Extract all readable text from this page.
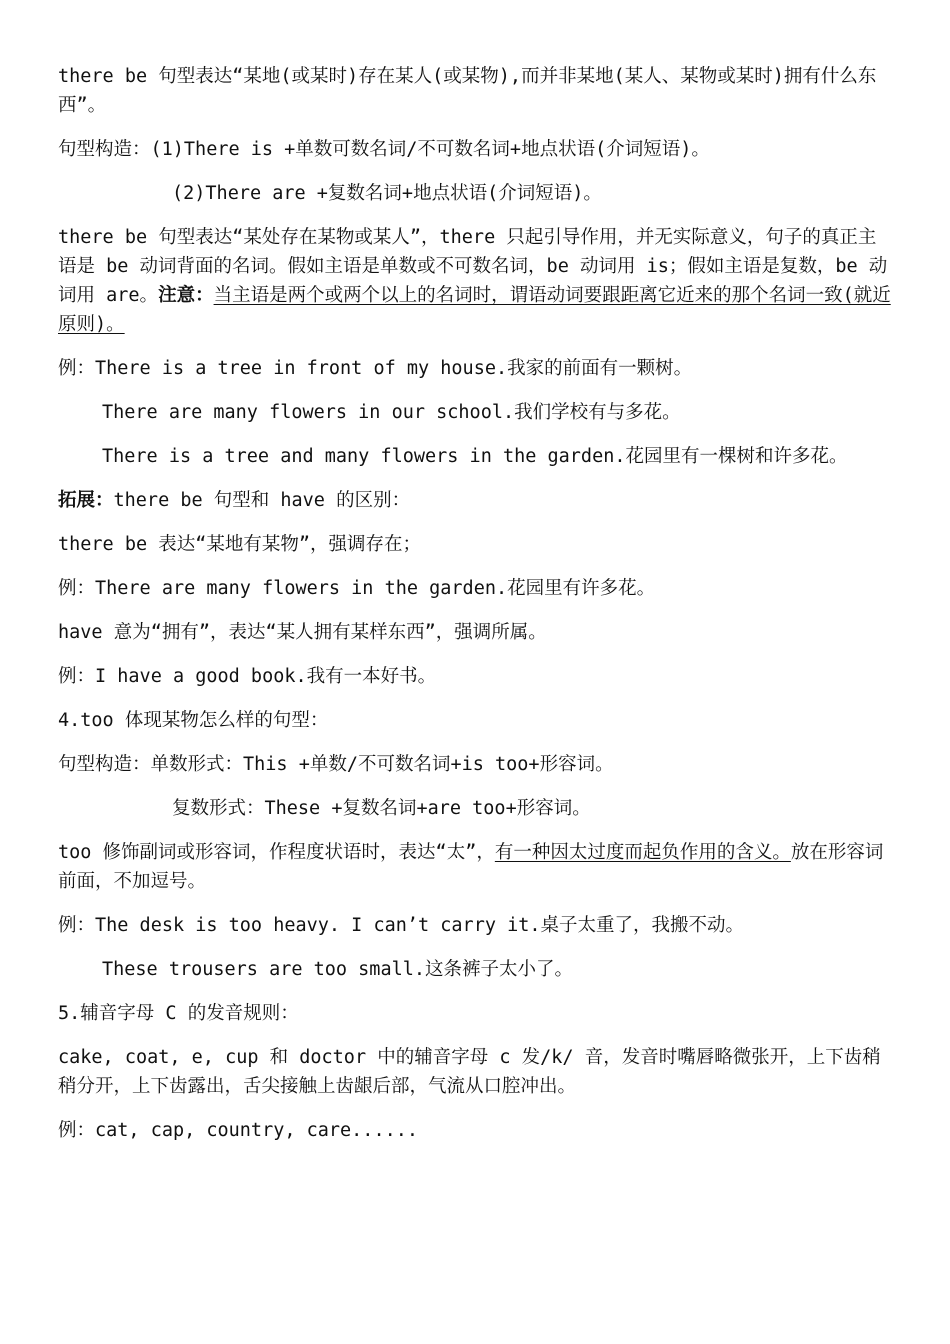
there be 句型表达“某地(或某时)存在某人(或某物),而并非某地(某人、某物或某时)拥有什么东西”。

句型构造：(1)There is +单数可数名词/不可数名词+地点状语(介词短语)。

(2)There are +复数名词+地点状语(介词短语)。

there be 句型表达“某处存在某物或某人”，there 只起引导作用，并无实际意义，句子的真正主语是 be 动词背面的名词。假如主语是单数或不可数名词，be 动词用 is；假如主语是复数，be 动词用 are。注意：当主语是两个或两个以上的名词时，谓语动词要跟距离它近来的那个名词一致(就近原则)。

例：There is a tree in front of my house.我家的前面有一颗树。

There are many flowers in our school.我们学校有与多花。

There is a tree and many flowers in the garden.花园里有一棵树和许多花。

拓展：there be 句型和 have 的区别：

there be 表达“某地有某物”，强调存在；

例：There are many flowers in the garden.花园里有许多花。

have 意为“拥有”，表达“某人拥有某样东西”，强调所属。

例：I have a good book.我有一本好书。

4.too 体现某物怎么样的句型：

句型构造：单数形式：This +单数/不可数名词+is too+形容词。

复数形式：These +复数名词+are too+形容词。

too 修饰副词或形容词，作程度状语时，表达“太”，有一种因太过度而起负作用的含义。放在形容词前面，不加逗号。

例：The desk is too heavy. I can’t carry it.桌子太重了，我搬不动。

These trousers are too small.这条裤子太小了。

5.辅音字母 C 的发音规则：

cake, coat, e, cup 和 doctor 中的辅音字母 c 发/k/ 音，发音时嘴唇略微张开，上下齿稍稍分开，上下齿露出，舌尖接触上齿龈后部，气流从口腔冲出。

例：cat, cap, country, care......
